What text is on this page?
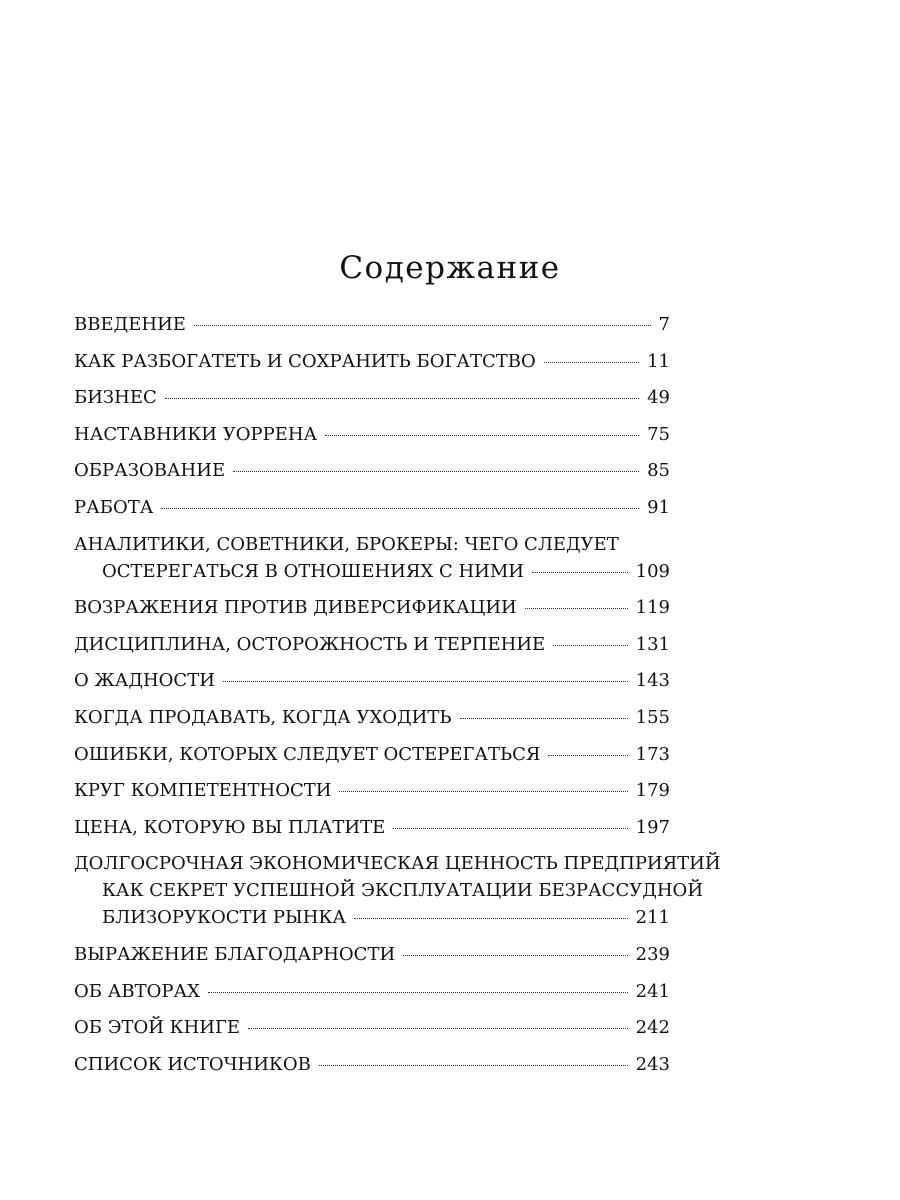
Содержание
ВВЕДЕНИЕ	7
КАК РАЗБОГАТЕТЬ И СОХРАНИТЬ БОГАТСТВО	11
БИЗНЕС	49
НАСТАВНИКИ УОРРЕНА	75
ОБРАЗОВАНИЕ	85
РАБОТА	91
АНАЛИТИКИ, СОВЕТНИКИ, БРОКЕРЫ: ЧЕГО СЛЕДУЕТ
ОСТЕРЕГАТЬСЯ В ОТНОШЕНИЯХ С НИМИ	109
ВОЗРАЖЕНИЯ ПРОТИВ ДИВЕРСИФИКАЦИИ	119
ДИСЦИПЛИНА, ОСТОРОЖНОСТЬ И ТЕРПЕНИЕ	131
О ЖАДНОСТИ	143
КОГДА ПРОДАВАТЬ, КОГДА УХОДИТЬ	155
ОШИБКИ, КОТОРЫХ СЛЕДУЕТ ОСТЕРЕГАТЬСЯ	173
КРУГ КОМПЕТЕНТНОСТИ	179
ЦЕНА, КОТОРУЮ ВЫ ПЛАТИТЕ	197
ДОЛГОСРОЧНАЯ ЭКОНОМИЧЕСКАЯ ЦЕННОСТЬ ПРЕДПРИЯТИЙ
КАК СЕКРЕТ УСПЕШНОЙ ЭКСПЛУАТАЦИИ БЕЗРАССУДНОЙ
БЛИЗОРУКОСТИ РЫНКА	211
ВЫРАЖЕНИЕ БЛАГОДАРНОСТИ	239
ОБ АВТОРАХ	241
ОБ ЭТОЙ КНИГЕ	242
СПИСОК ИСТОЧНИКОВ	243
